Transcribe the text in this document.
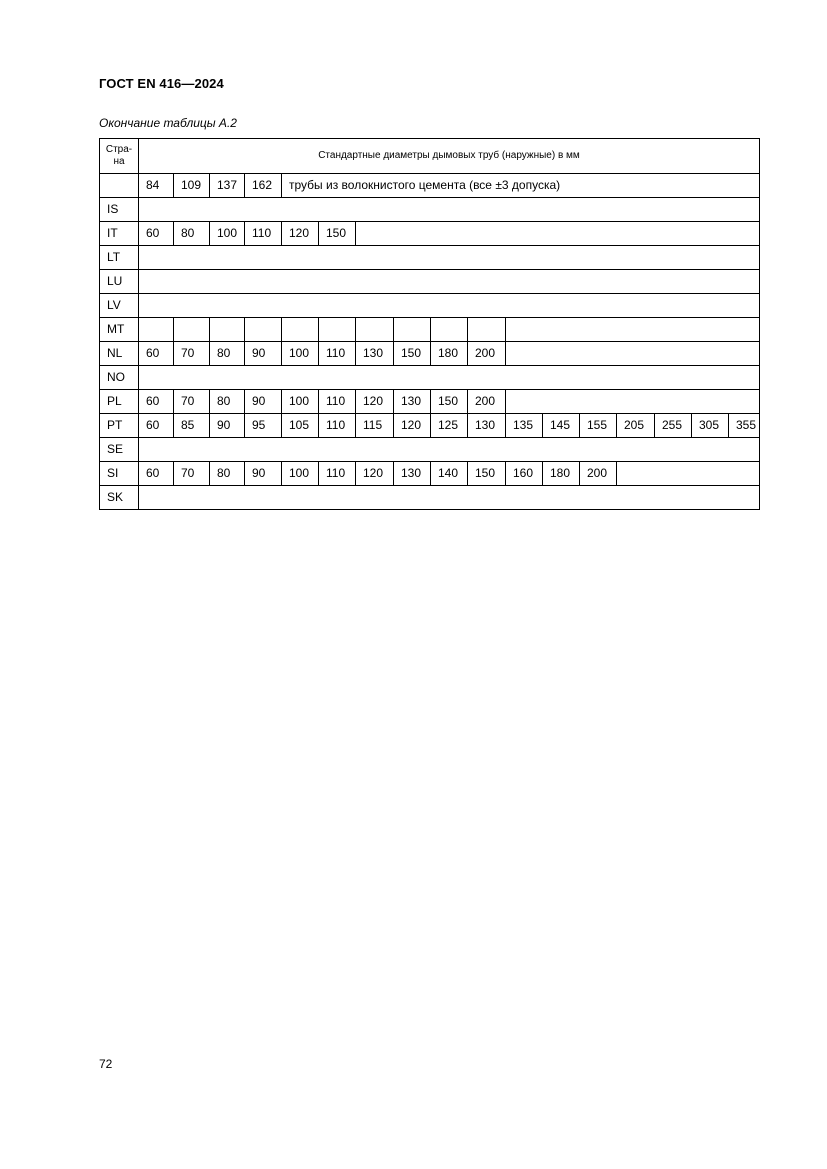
ГОСТ EN 416—2024
Окончание таблицы А.2
Стра-
на	Стандартные диаметры дымовых труб (наружные) в мм																
	84	109	137	162	трубы из волокнистого цемента (все ±3 допуска)												
IS																	
IT	60	80	100	110	120	150											
LT																	
LU																	
LV																	
MT																	
NL	60	70	80	90	100	110	130	150	180	200							
NO																	
PL	60	70	80	90	100	110	120	130	150	200							
PT	60	85	90	95	105	110	115	120	125	130	135	145	155	205	255	305	355
SE																	
SI	60	70	80	90	100	110	120	130	140	150	160	180	200				
SK																	
72
